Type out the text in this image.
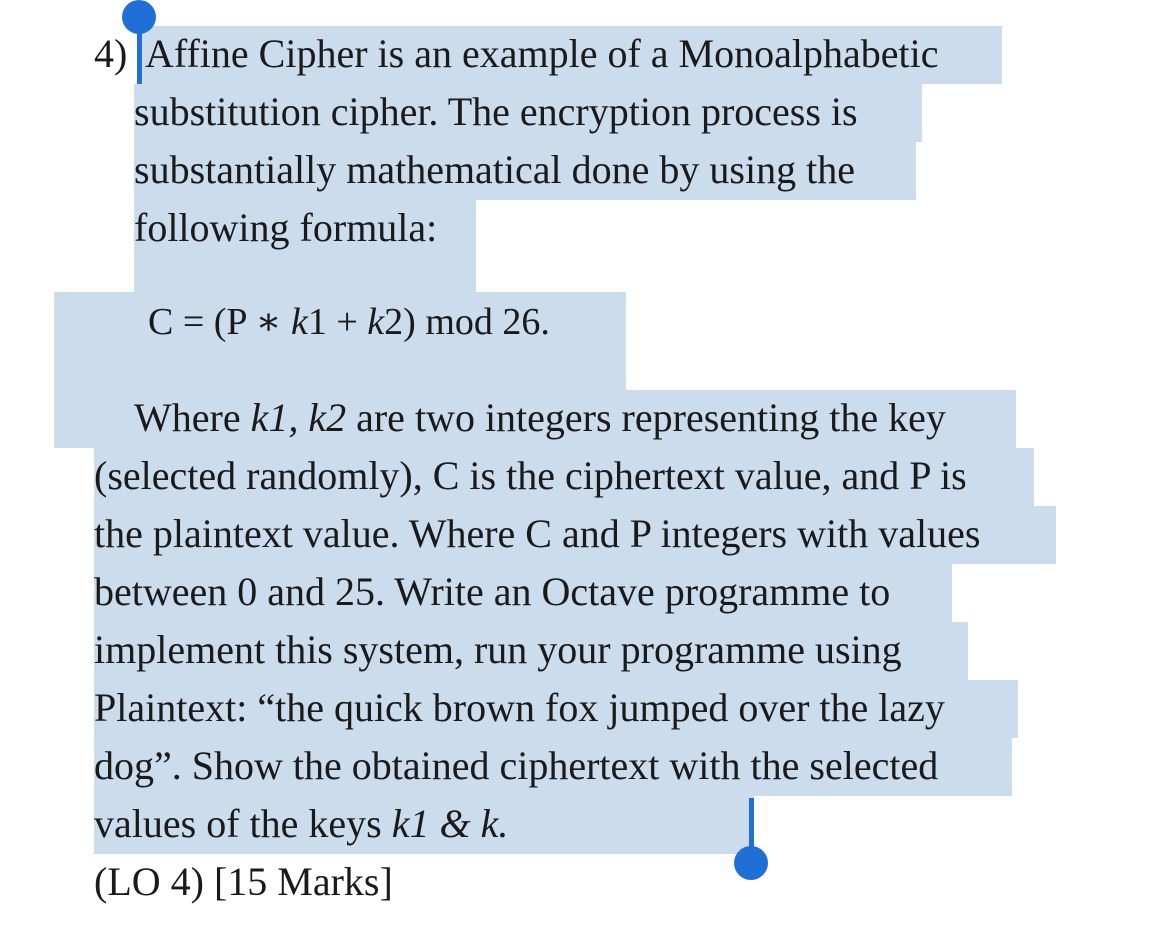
4) Affine Cipher is an example of a Monoalphabetic
substitution cipher. The encryption process is
substantially mathematical done by using the
following formula:
C = (P ∗ k1 + k2) mod 26.
Where k1, k2 are two integers representing the key
(selected randomly), C is the ciphertext value, and P is
the plaintext value. Where C and P integers with values
between 0 and 25. Write an Octave programme to
implement this system, run your programme using
Plaintext: “the quick brown fox jumped over the lazy
dog”. Show the obtained ciphertext with the selected
values of the keys k1 & k.
(LO 4) [15 Marks]
